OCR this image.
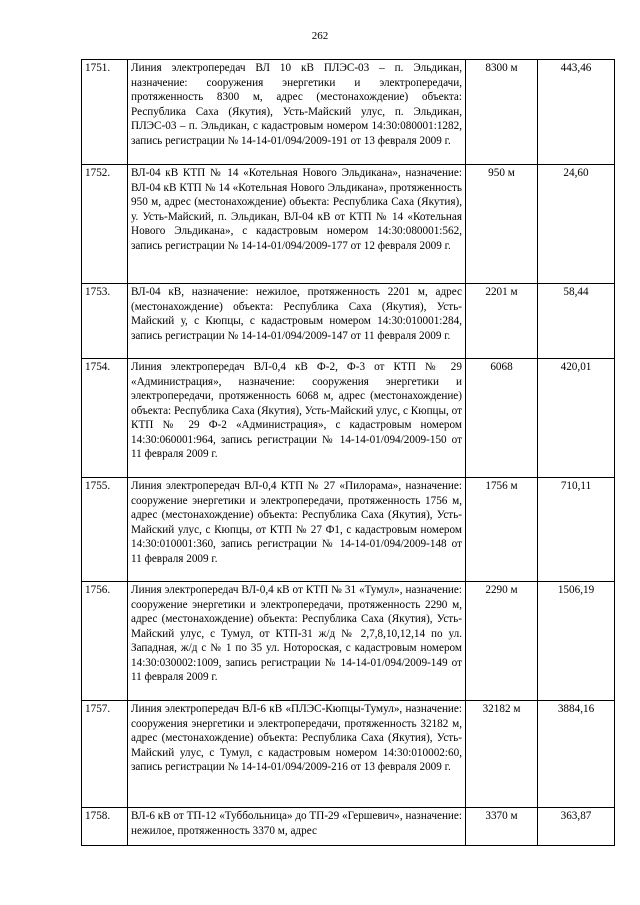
262
1751.	Линия электропередач ВЛ 10 кВ ПЛЭС-03 – п. Эльдикан, назначение: сооружения энергетики и электропередачи, протяженность 8300 м, адрес (местонахождение) объекта: Республика Саха (Якутия), Усть-Майский улус, п. Эльдикан, ПЛЭС-03 – п. Эльдикан, с кадастровым номером 14:30:080001:1282, запись регистрации № 14-14-01/094/2009-191 от 13 февраля 2009 г.	8300 м	443,46
1752.	ВЛ-04 кВ КТП № 14 «Котельная Нового Эльдикана», назначение: ВЛ-04 кВ КТП № 14 «Котельная Нового Эльдикана», протяженность 950 м, адрес (местонахождение) объекта: Республика Саха (Якутия), у. Усть-Майский, п. Эльдикан, ВЛ-04 кВ от КТП № 14 «Котельная Нового Эльдикана», с кадастровым номером 14:30:080001:562, запись регистрации № 14-14-01/094/2009-177 от 12 февраля 2009 г.	950 м	24,60
1753.	ВЛ-04 кВ, назначение: нежилое, протяженность 2201 м, адрес (местонахождение) объекта: Республика Саха (Якутия), Усть-Майский у, с Кюпцы, с кадастровым номером 14:30:010001:284, запись регистрации № 14-14-01/094/2009-147 от 11 февраля 2009 г.	2201 м	58,44
1754.	Линия электропередач ВЛ-0,4 кВ Ф-2, Ф-3 от КТП № 29 «Администрация», назначение: сооружения энергетики и электропередачи, протяженность 6068 м, адрес (местонахождение) объекта: Республика Саха (Якутия), Усть-Майский улус, с Кюпцы, от КТП № 29 Ф-2 «Администрация», с кадастровым номером 14:30:060001:964, запись регистрации № 14-14-01/094/2009-150 от 11 февраля 2009 г.	6068	420,01
1755.	Линия электропередач ВЛ-0,4 КТП № 27 «Пилорама», назначение: сооружение энергетики и электропередачи, протяженность 1756 м, адрес (местонахождение) объекта: Республика Саха (Якутия), Усть-Майский улус, с Кюпцы, от КТП № 27 Ф1, с кадастровым номером 14:30:010001:360, запись регистрации № 14-14-01/094/2009-148 от 11 февраля 2009 г.	1756 м	710,11
1756.	Линия электропередач ВЛ-0,4 кВ от КТП № 31 «Тумул», назначение: сооружение энергетики и электропередачи, протяженность 2290 м, адрес (местонахождение) объекта: Республика Саха (Якутия), Усть-Майский улус, с Тумул, от КТП-31 ж/д № 2,7,8,10,12,14 по ул. Западная, ж/д с № 1 по 35 ул. Нотороская, с кадастровым номером 14:30:030002:1009, запись регистрации № 14-14-01/094/2009-149 от 11 февраля 2009 г.	2290 м	1506,19
1757.	Линия электропередач ВЛ-6 кВ «ПЛЭС-Кюпцы-Тумул», назначение: сооружения энергетики и электропередачи, протяженность 32182 м, адрес (местонахождение) объекта: Республика Саха (Якутия), Усть-Майский улус, с Тумул, с кадастровым номером 14:30:010002:60, запись регистрации № 14-14-01/094/2009-216 от 13 февраля 2009 г.	32182 м	3884,16
1758.	ВЛ-6 кВ от ТП-12 «Туббольница» до ТП-29 «Гершевич», назначение: нежилое, протяженность 3370 м, адрес	3370 м	363,87
